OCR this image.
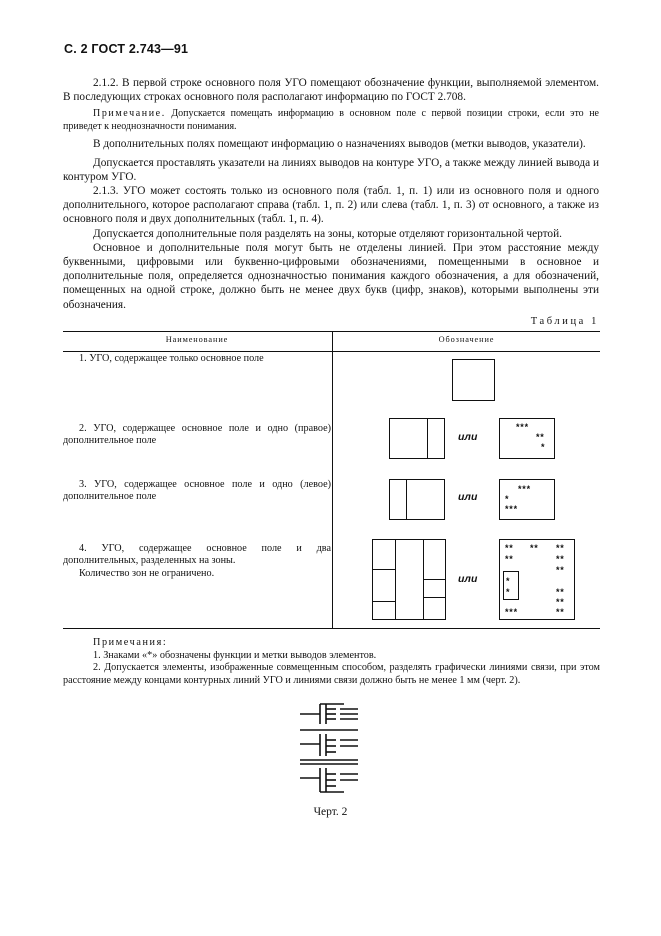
С. 2 ГОСТ 2.743—91

2.1.2. В первой строке основного поля УГО помещают обозначение функции, выполняемой элементом. В последующих строках основного поля располагают информацию по ГОСТ 2.708.

Примечание. Допускается помещать информацию в основном поле с первой позиции строки, если это не приведет к неоднозначности понимания.

В дополнительных полях помещают информацию о назначениях выводов (метки выводов, указатели).

Допускается проставлять указатели на линиях выводов на контуре УГО, а также между линией вывода и контуром УГО.

2.1.3. УГО может состоять только из основного поля (табл. 1, п. 1) или из основного поля и одного дополнительного, которое располагают справа (табл. 1, п. 2) или слева (табл. 1, п. 3) от основного, а также из основного поля и двух дополнительных (табл. 1, п. 4).

Допускается дополнительные поля разделять на зоны, которые отделяют горизонтальной чертой.

Основное и дополнительные поля могут быть не отделены линией. При этом расстояние между буквенными, цифровыми или буквенно-цифровыми обозначениями, помещенными в основное и дополнительные поля, определяется однозначностью понимания каждого обозначения, а для обозначений, помещенных на одной строке, должно быть не менее двух букв (цифр, знаков), которыми выполнены эти обозначения.

Таблица 1
Наименование	Обозначение
1. УГО, содержащее только основное поле
2. УГО, содержащее основное поле и одно (правое) дополнительное поле	или
***
**
*
3. УГО, содержащее основное поле и одно (левое) дополнительное поле	или
***
*
***
4. УГО, содержащее основное поле и два дополнительных, разделенных на зоны.
Количество зон не ограничено.	или
** ** **
**	**
**
*
*	**
**
***	**
Примечания:
1. Знаками «*» обозначены функции и метки выводов элементов.
2. Допускается элементы, изображенные совмещенным способом, разделять графически линиями связи, при этом расстояние между концами контурных линий УГО и линиями связи должно быть не менее 1 мм (черт. 2).
Черт. 2
